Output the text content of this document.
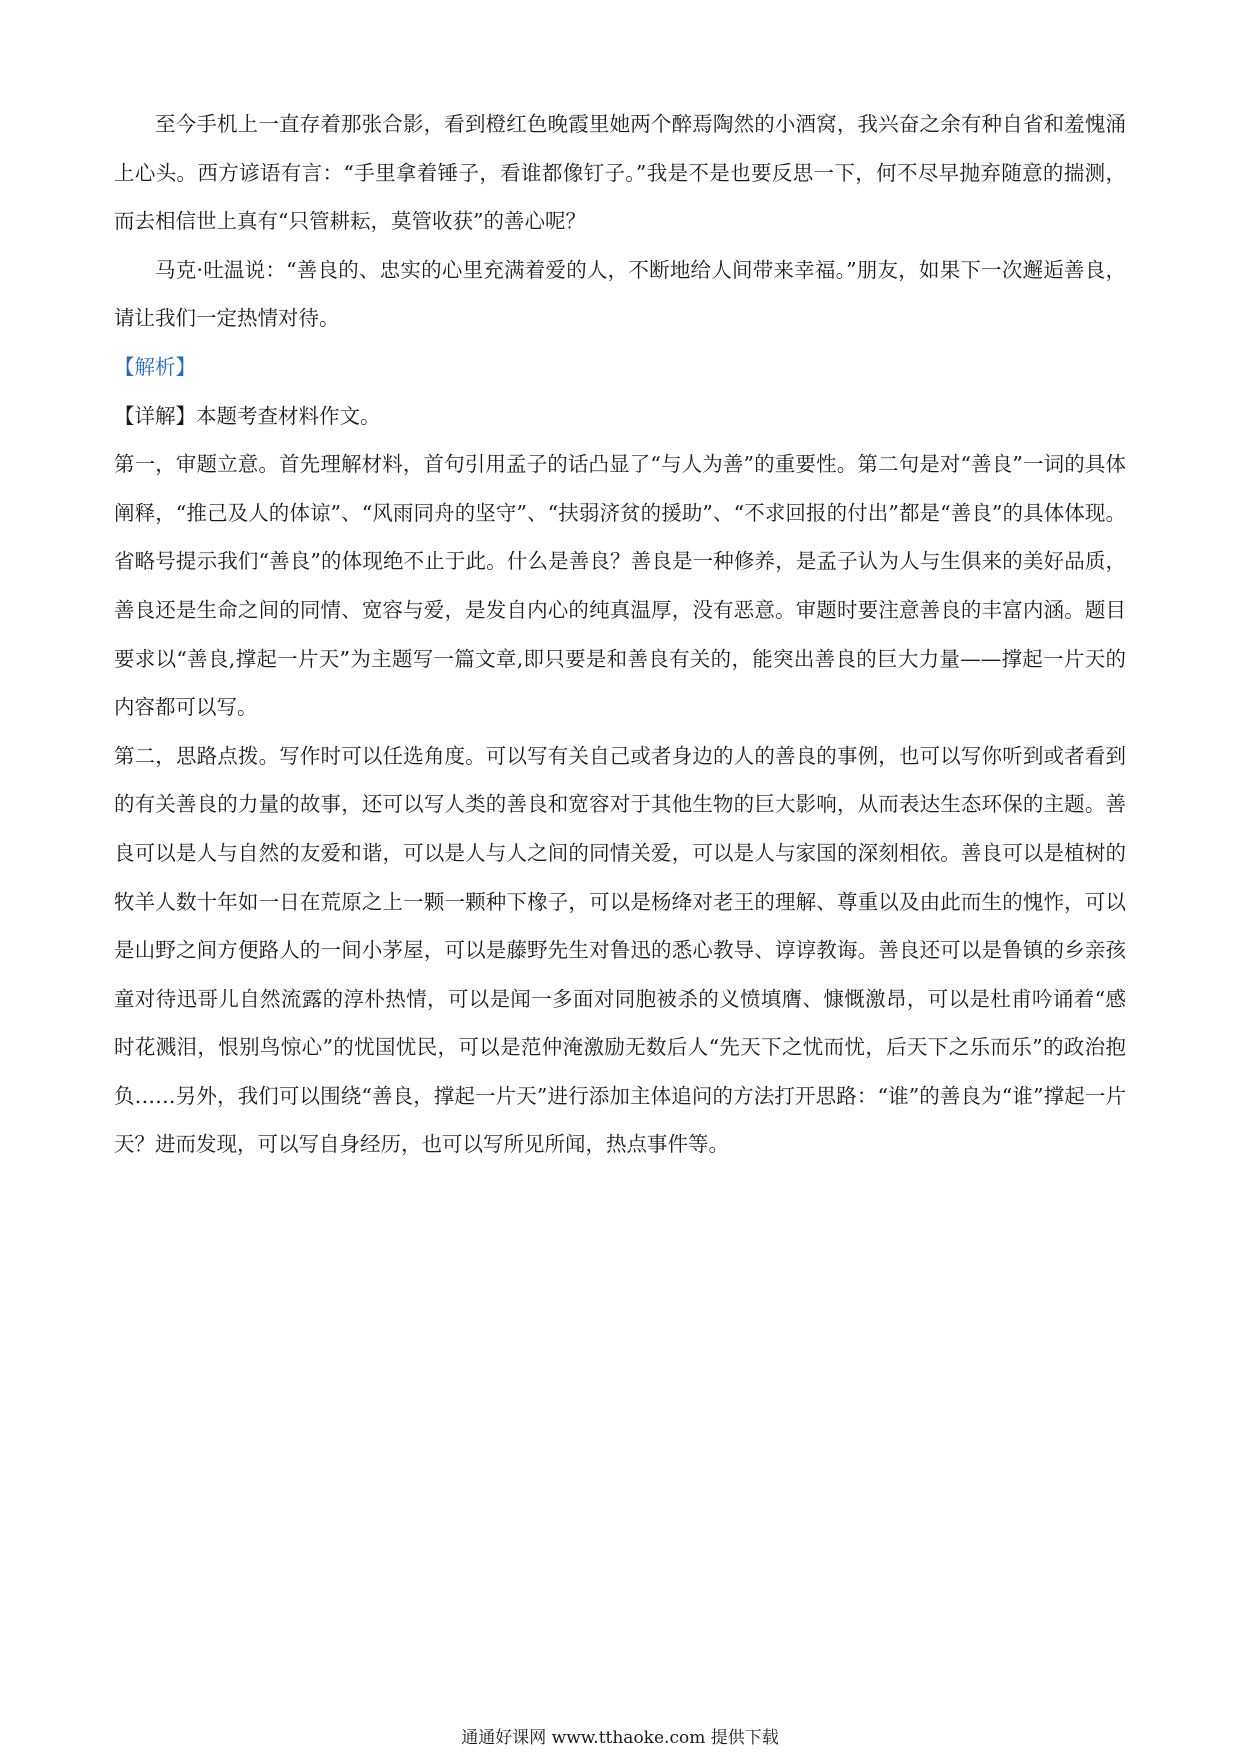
至今手机上一直存着那张合影，看到橙红色晚霞里她两个醉焉陶然的小酒窝，我兴奋之余有种自省和羞愧涌上心头。西方谚语有言：“手里拿着锤子，看谁都像钉子。”我是不是也要反思一下，何不尽早抛弃随意的揣测，而去相信世上真有“只管耕耘，莫管收获”的善心呢？

马克·吐温说：“善良的、忠实的心里充满着爱的人，不断地给人间带来幸福。”朋友，如果下一次邂逅善良，请让我们一定热情对待。

【解析】

【详解】本题考查材料作文。

第一，审题立意。首先理解材料，首句引用孟子的话凸显了“与人为善”的重要性。第二句是对“善良”一词的具体阐释，“推己及人的体谅”、“风雨同舟的坚守”、“扶弱济贫的援助”、“不求回报的付出”都是“善良”的具体体现。省略号提示我们“善良”的体现绝不止于此。什么是善良？善良是一种修养，是孟子认为人与生俱来的美好品质，善良还是生命之间的同情、宽容与爱，是发自内心的纯真温厚，没有恶意。审题时要注意善良的丰富内涵。题目要求以“善良,撑起一片天”为主题写一篇文章,即只要是和善良有关的，能突出善良的巨大力量——撑起一片天的内容都可以写。

第二，思路点拨。写作时可以任选角度。可以写有关自己或者身边的人的善良的事例，也可以写你听到或者看到的有关善良的力量的故事，还可以写人类的善良和宽容对于其他生物的巨大影响，从而表达生态环保的主题。善良可以是人与自然的友爱和谐，可以是人与人之间的同情关爱，可以是人与家国的深刻相依。善良可以是植树的牧羊人数十年如一日在荒原之上一颗一颗种下橡子，可以是杨绛对老王的理解、尊重以及由此而生的愧怍，可以是山野之间方便路人的一间小茅屋，可以是藤野先生对鲁迅的悉心教导、谆谆教诲。善良还可以是鲁镇的乡亲孩童对待迅哥儿自然流露的淳朴热情，可以是闻一多面对同胞被杀的义愤填膺、慷慨激昂，可以是杜甫吟诵着“感时花溅泪，恨别鸟惊心”的忧国忧民，可以是范仲淹激励无数后人“先天下之忧而忧，后天下之乐而乐”的政治抱负……另外，我们可以围绕“善良，撑起一片天”进行添加主体追问的方法打开思路：“谁”的善良为“谁”撑起一片天？进而发现，可以写自身经历，也可以写所见所闻，热点事件等。

通通好课网 www.tthaoke.com 提供下载
